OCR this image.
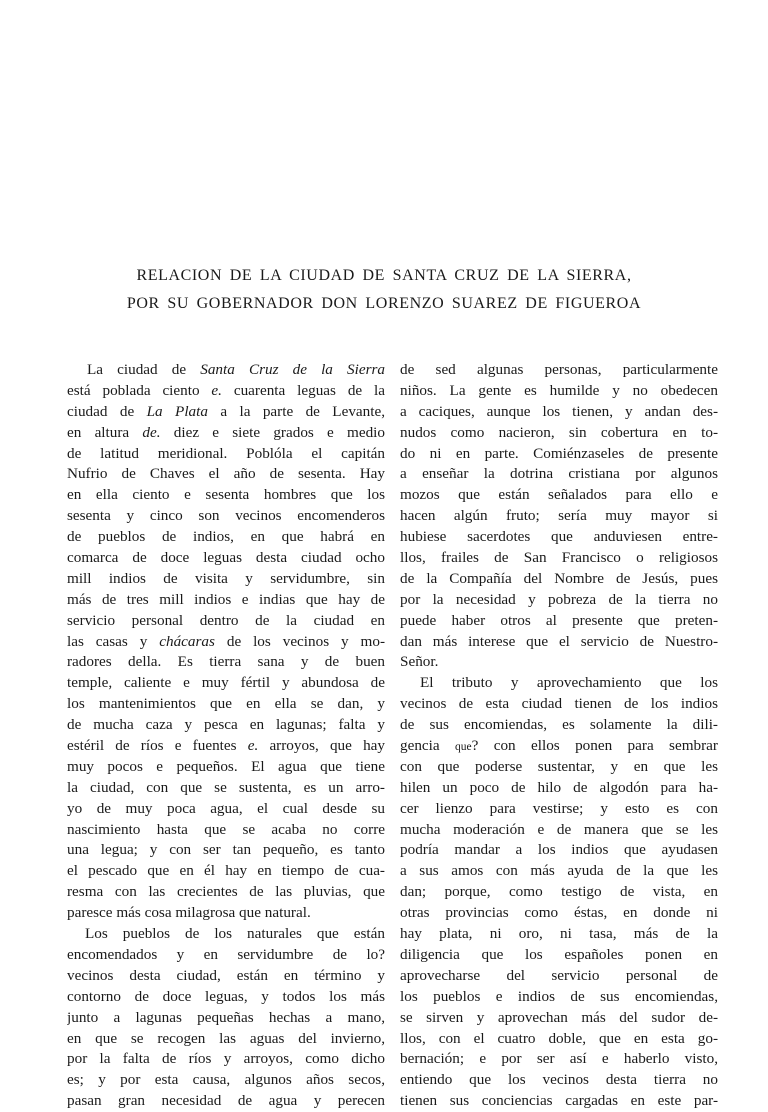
RELACION DE LA CIUDAD DE SANTA CRUZ DE LA SIERRA,
POR SU GOBERNADOR DON LORENZO SUAREZ DE FIGUEROA
La ciudad de Santa Cruz de la Sierra
está poblada ciento e. cuarenta leguas de la
ciudad de La Plata a la parte de Levante,
en altura de. diez e siete grados e medio
de latitud meridional. Poblóla el capitán
Nufrio de Chaves el año de sesenta. Hay
en ella ciento e sesenta hombres que los
sesenta y cinco son vecinos encomenderos
de pueblos de indios, en que habrá en
comarca de doce leguas desta ciudad ocho
mill indios de visita y servidumbre, sin
más de tres mill indios e indias que hay de
servicio personal dentro de la ciudad en
las casas y chácaras de los vecinos y mo-
radores della. Es tierra sana y de buen
temple, caliente e muy fértil y abundosa de
los mantenimientos que en ella se dan, y
de mucha caza y pesca en lagunas; falta y
estéril de ríos e fuentes e. arroyos, que hay
muy pocos e pequeños. El agua que tiene
la ciudad, con que se sustenta, es un arro-
yo de muy poca agua, el cual desde su
nascimiento hasta que se acaba no corre
una legua; y con ser tan pequeño, es tanto
el pescado que en él hay en tiempo de cua-
resma con las crecientes de las pluvias, que
paresce más cosa milagrosa que natural.
Los pueblos de los naturales que están
encomendados y en servidumbre de lo?
vecinos desta ciudad, están en término y
contorno de doce leguas, y todos los más
junto a lagunas pequeñas hechas a mano,
en que se recogen las aguas del invierno,
por la falta de ríos y arroyos, como dicho
es; y por esta causa, algunos años secos,
pasan gran necesidad de agua y perecen
de sed algunas personas, particularmente
niños. La gente es humilde y no obedecen
a caciques, aunque los tienen, y andan des-
nudos como nacieron, sin cobertura en to-
do ni en parte. Comiénzaseles de presente
a enseñar la dotrina cristiana por algunos
mozos que están señalados para ello e
hacen algún fruto; sería muy mayor si
hubiese sacerdotes que anduviesen entre-
llos, frailes de San Francisco o religiosos
de la Compañía del Nombre de Jesús, pues
por la necesidad y pobreza de la tierra no
puede haber otros al presente que preten-
dan más interese que el servicio de Nuestro-
Señor.
El tributo y aprovechamiento que los
vecinos de esta ciudad tienen de los indios
de sus encomiendas, es solamente la dili-
gencia que? con ellos ponen para sembrar
con que poderse sustentar, y en que les
hilen un poco de hilo de algodón para ha-
cer lienzo para vestirse; y esto es con
mucha moderación e de manera que se les
podría mandar a los indios que ayudasen
a sus amos con más ayuda de la que les
dan; porque, como testigo de vista, en
otras provincias como éstas, en donde ni
hay plata, ni oro, ni tasa, más de la
diligencia que los españoles ponen en
aprovecharse del servicio personal de
los pueblos e indios de sus encomiendas,
se sirven y aprovechan más del sudor de-
llos, con el cuatro doble, que en esta go-
bernación; e por ser así e haberlo visto,
entiendo que los vecinos desta tierra no
tienen sus conciencias cargadas en este par-
